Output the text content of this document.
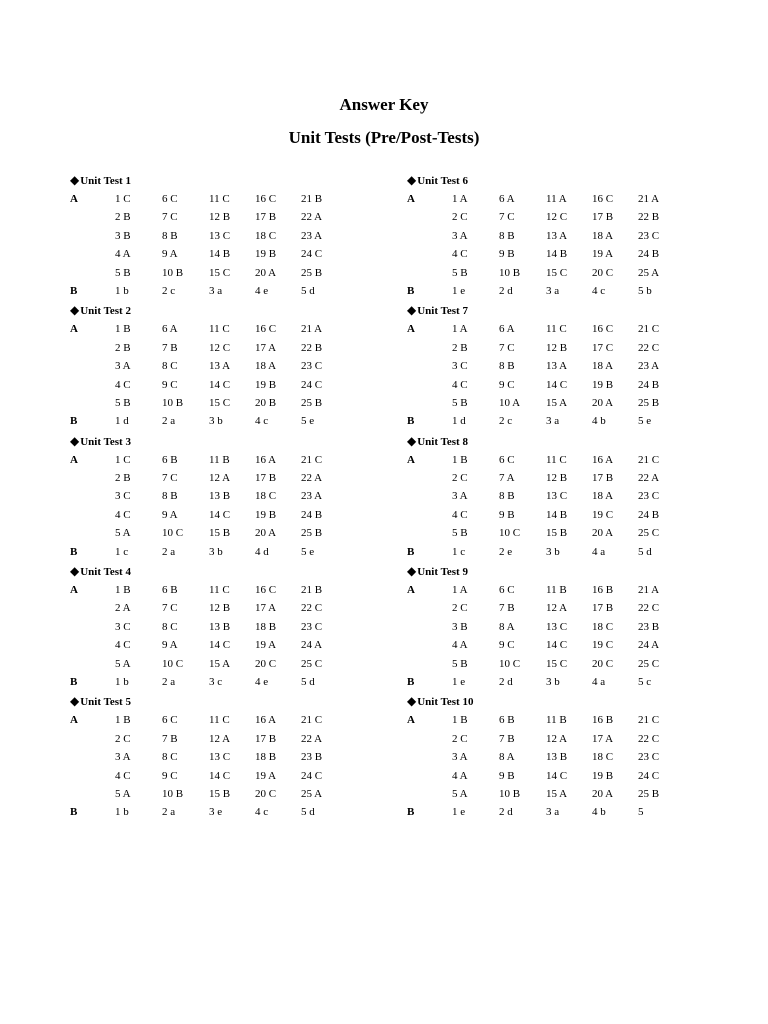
Answer Key
Unit Tests (Pre/Post-Tests)
◆Unit Test 1
A	1 C	6 C	11 C 16 C 21 B
2 B	7 C	12 B 17 B 22 A
3 B	8 B	13 C 18 C 23 A
4 A	9 A	14 B 19 B 24 C
5 B	10 B 15 C 20 A 25 B
B	1 b	2 c	3 a	4 e	5 d
◆Unit Test 2
A	1 B	6 A	11 C 16 C 21 A
2 B	7 B	12 C 17 A 22 B
3 A	8 C	13 A 18 A 23 C
4 C	9 C	14 C 19 B 24 C
5 B	10 B 15 C 20 B 25 B
B	1 d	2 a	3 b	4 c	5 e
◆Unit Test 3
A	1 C	6 B	11 B 16 A 21 C
2 B	7 C	12 A 17 B 22 A
3 C	8 B	13 B 18 C 23 A
4 C	9 A	14 C 19 B 24 B
5 A	10 C 15 B 20 A 25 B
B	1 c	2 a	3 b	4 d	5 e
◆Unit Test 4
A	1 B	6 B	11 C 16 C 21 B
2 A	7 C	12 B 17 A 22 C
3 C	8 C	13 B 18 B 23 C
4 C	9 A	14 C 19 A 24 A
5 A	10 C 15 A 20 C 25 C
B	1 b	2 a	3 c	4 e	5 d
◆Unit Test 5
A	1 B	6 C	11 C 16 A 21 C
2 C	7 B	12 A 17 B 22 A
3 A	8 C	13 C 18 B 23 B
4 C	9 C	14 C 19 A 24 C
5 A	10 B 15 B 20 C 25 A
B	1 b	2 a	3 e	4 c	5 d
◆Unit Test 6
A	1 A	6 A	11 A 16 C 21 A
2 C	7 C	12 C 17 B 22 B
3 A	8 B	13 A 18 A 23 C
4 C	9 B	14 B 19 A 24 B
5 B	10 B 15 C 20 C 25 A
B	1 e	2 d	3 a	4 c	5 b
◆Unit Test 7
A	1 A	6 A	11 C 16 C 21 C
2 B	7 C	12 B 17 C 22 C
3 C	8 B	13 A 18 A 23 A
4 C	9 C	14 C 19 B 24 B
5 B	10 A 15 A 20 A 25 B
B	1 d	2 c	3 a	4 b	5 e
◆Unit Test 8
A	1 B	6 C	11 C 16 A 21 C
2 C	7 A	12 B 17 B 22 A
3 A	8 B	13 C 18 A 23 C
4 C	9 B	14 B 19 C 24 B
5 B	10 C 15 B 20 A 25 C
B	1 c	2 e	3 b	4 a	5 d
◆Unit Test 9
A	1 A	6 C	11 B 16 B 21 A
2 C	7 B	12 A 17 B 22 C
3 B	8 A	13 C 18 C 23 B
4 A	9 C	14 C 19 C 24 A
5 B	10 C 15 C 20 C 25 C
B	1 e	2 d	3 b	4 a	5 c
◆Unit Test 10
A	1 B	6 B	11 B 16 B 21 C
2 C	7 B	12 A 17 A 22 C
3 A	8 A	13 B 18 C 23 C
4 A	9 B	14 C 19 B 24 C
5 A	10 B 15 A 20 A 25 B
B	1 e	2 d	3 a	4 b	5
